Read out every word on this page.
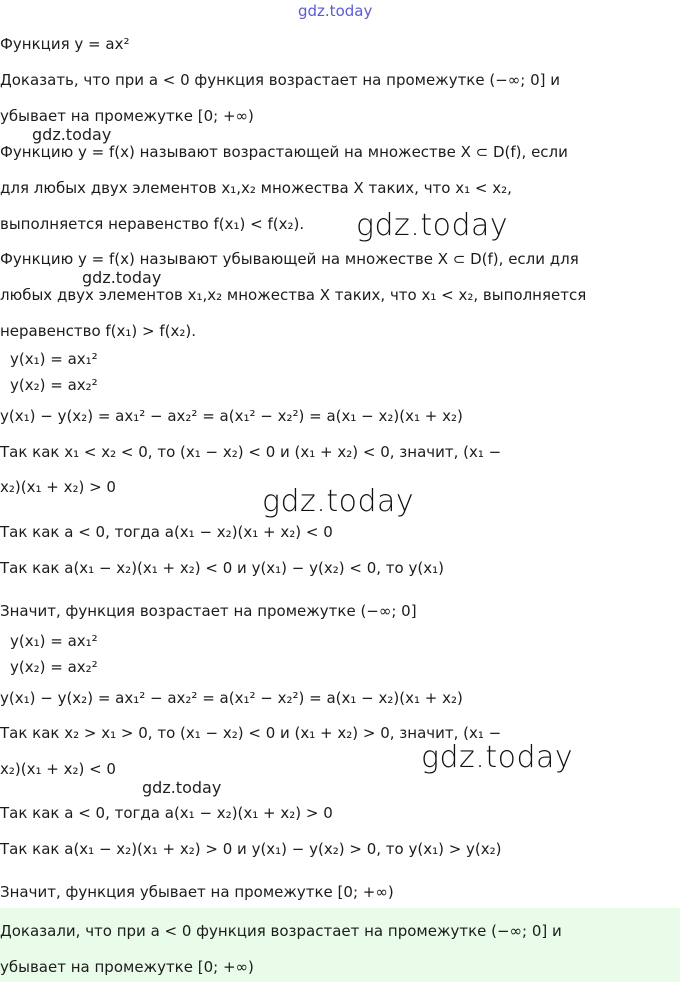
gdz.today
Функция y = ax²
Доказать, что при a < 0 функция возрастает на промежутке (−∞; 0] и
убывает на промежутке [0; +∞)
Функцию y = f(x) называют возрастающей на множестве X ⊂ D(f), если
для любых двух элементов x₁,x₂ множества X таких, что x₁ < x₂,
выполняется неравенство f(x₁) < f(x₂).
Функцию y = f(x) называют убывающей на множестве X ⊂ D(f), если для
любых двух элементов x₁,x₂ множества X таких, что x₁ < x₂, выполняется
неравенство f(x₁) > f(x₂).
y(x₁) = ax₁²
y(x₂) = ax₂²
y(x₁) − y(x₂) = ax₁² − ax₂² = a(x₁² − x₂²) = a(x₁ − x₂)(x₁ + x₂)
Так как x₁ < x₂ < 0, то (x₁ − x₂) < 0 и (x₁ + x₂) < 0, значит, (x₁ −
x₂)(x₁ + x₂) > 0
Так как a < 0, тогда a(x₁ − x₂)(x₁ + x₂) < 0
Так как a(x₁ − x₂)(x₁ + x₂) < 0 и y(x₁) − y(x₂) < 0, то y(x₁)
Значит, функция возрастает на промежутке (−∞; 0]
y(x₁) = ax₁²
y(x₂) = ax₂²
y(x₁) − y(x₂) = ax₁² − ax₂² = a(x₁² − x₂²) = a(x₁ − x₂)(x₁ + x₂)
Так как x₂ > x₁ > 0, то (x₁ − x₂) < 0 и (x₁ + x₂) > 0, значит, (x₁ −
x₂)(x₁ + x₂) < 0
Так как a < 0, тогда a(x₁ − x₂)(x₁ + x₂) > 0
Так как a(x₁ − x₂)(x₁ + x₂) > 0 и y(x₁) − y(x₂) > 0, то y(x₁) > y(x₂)
Значит, функция убывает на промежутке [0; +∞)
Доказали, что при a < 0 функция возрастает на промежутке (−∞; 0] и
убывает на промежутке [0; +∞)
gdz.today
gdz.today
gdz.today
gdz.today
gdz.today
gdz.today
